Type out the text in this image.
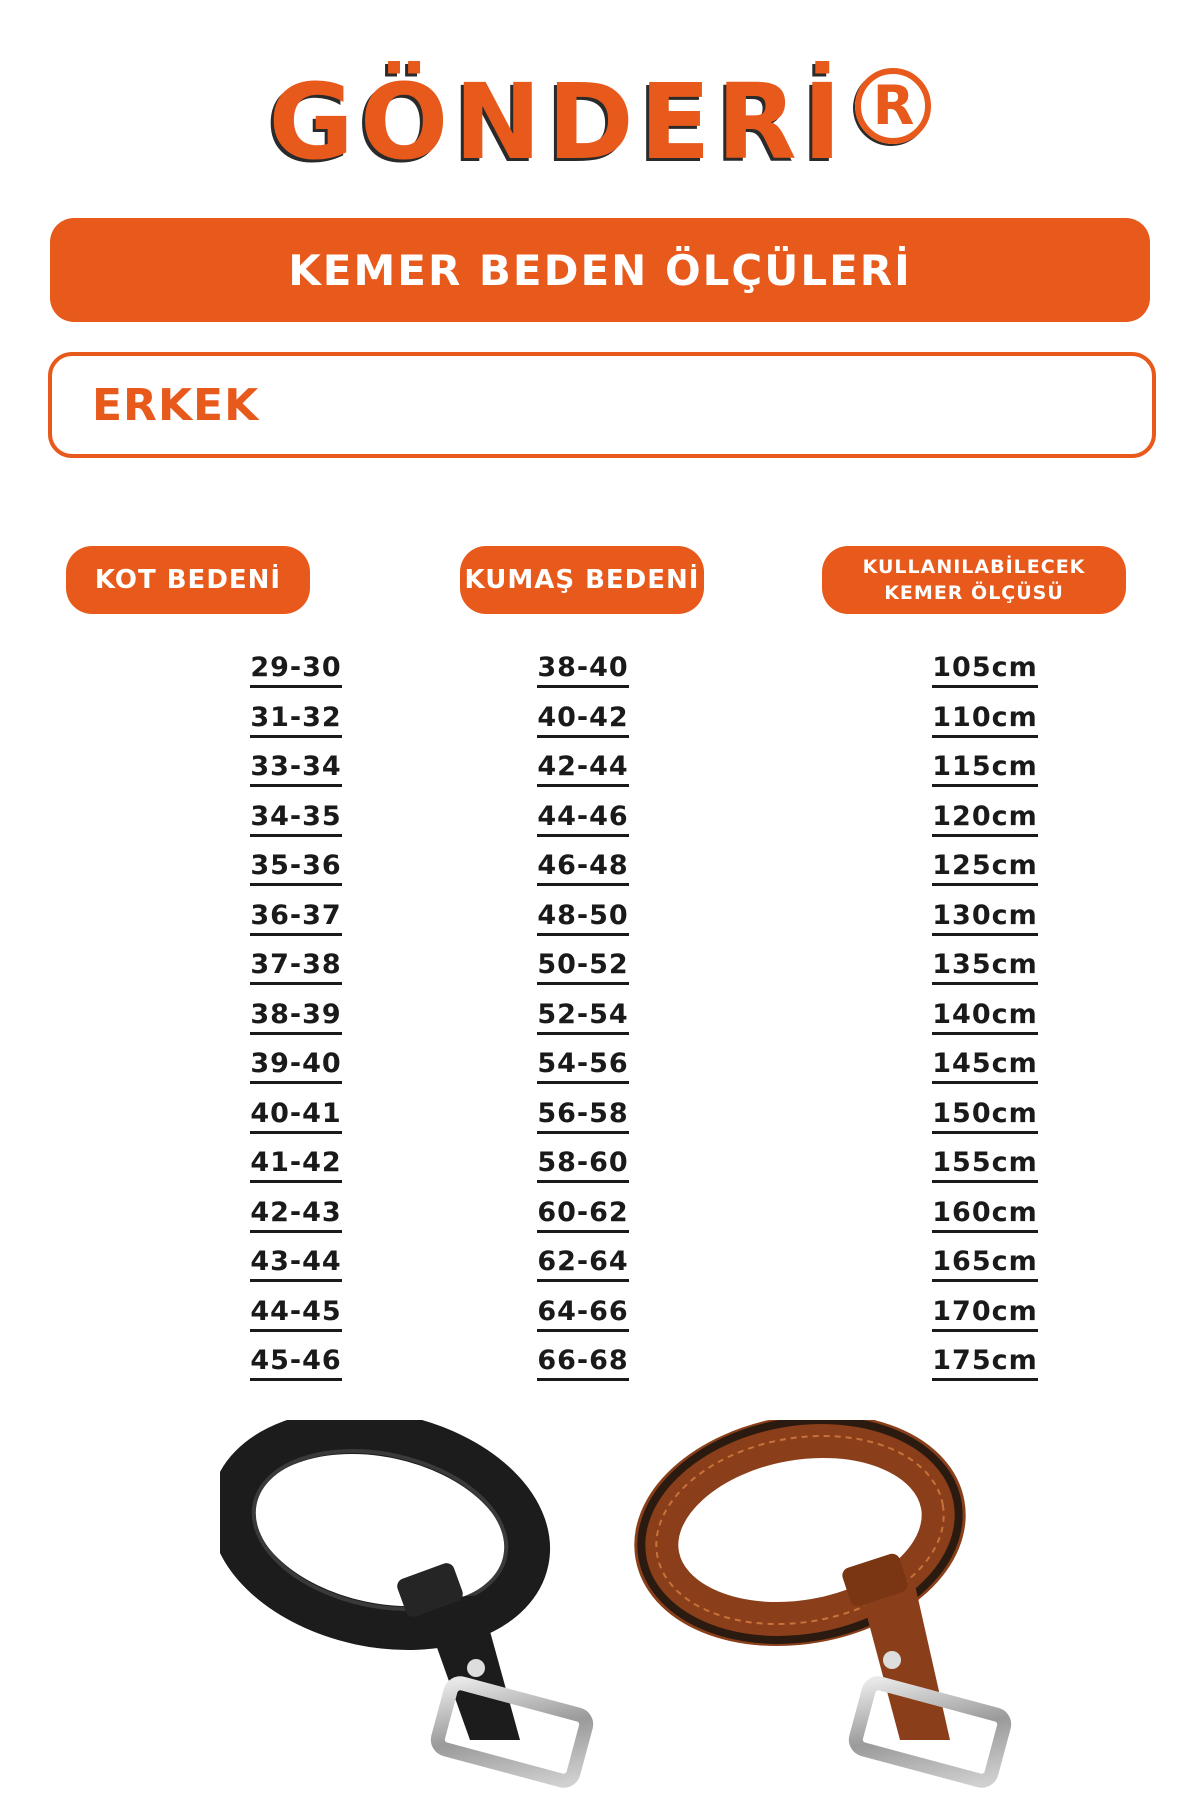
GÖNDERİ R
KEMER BEDEN ÖLÇÜLERİ
ERKEK
KOT BEDENİ	KUMAŞ BEDENİ	KULLANILABİLECEK
KEMER ÖLÇÜSÜ
29-30
31-32
33-34
34-35
35-36
36-37
37-38
38-39
39-40
40-41
41-42
42-43
43-44
44-45
45-46
38-40
40-42
42-44
44-46
46-48
48-50
50-52
52-54
54-56
56-58
58-60
60-62
62-64
64-66
66-68
105cm
110cm
115cm
120cm
125cm
130cm
135cm
140cm
145cm
150cm
155cm
160cm
165cm
170cm
175cm
